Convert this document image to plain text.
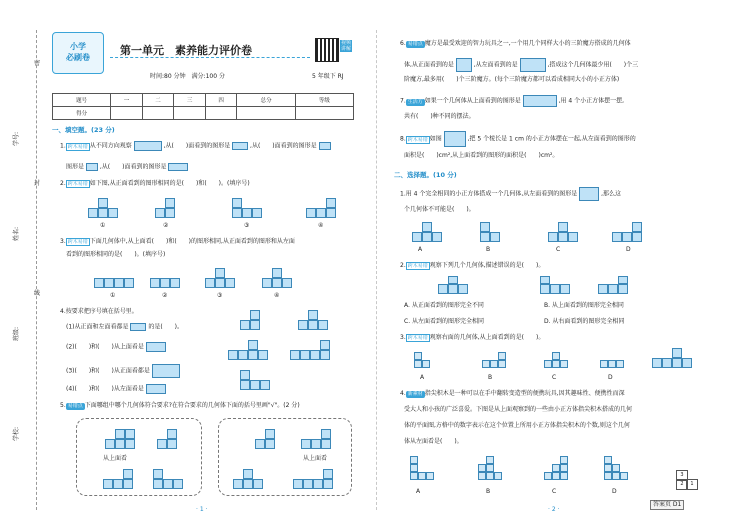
密
学号:
封
姓名:
线
班级:
学校:
小学
必刷卷
第一单元　素养能力评价卷
时间:80 分钟　满分:100 分	5 年级下 RJ
视频讲解
题号	一	二	三	四	总分	等级
得分						
一、填空题。(23 分)
1. 跨木易错 从不同方向观察	,从(　　)面看到的图形是	,从(　　)面看到的图形是
图形是	,从(　　)面看到的图形是
2. 跨木易错 如下图,从正面看到的图形相同的是(　　)和(　　)。(填序号)
①	②	③	④
3. 跨木易错 下面几何体中,从上面看(　　)和(　　)的图形相同,从正面看到的图形和从左面
看到的图形相同的是(　　)。(填序号)
①	②	③	④
4.按要求把序号填在括号里。
(1)从正面和左面看都是	的是(　　)。
(2)(　　)和(　　)从上面看是
(3)(　　)和(　　)从正面看都是
(4)(　　)和(　　)从左面看是
5. 易错点 下面哪组中哪个几何体符合要求?在符合要求的几何体下面的括号里画"√"。(2 分)
从上面看	从上面看
· 1 ·
6. 易错点 魔方是最受欢迎的智力玩具之一,一个用几个同样大小的三阶魔方搭成的几何体
体,从正面看到的是	,从左面看到的是	,搭成这个几何体最少用(　　)个三
阶魔方,最多用(　　)个三阶魔方。(每个三阶魔方都可以看成相同大小的小正方体)
7. 生活方 如果一个几何体从上面看到的图形是	,用 4 个小正方体摆一摆,
共有(　　)种不同的摆法。
8. 跨木易错 如图	,把 5 个棱长是 1 cm 的小正方体摆在一起,从左面看到的图形的
面积是(　　)cm²,从上面看到的图形的面积是(　　)cm²。
二、选择题。(10 分)
1.用 4 个完全相同的小正方体搭成一个几何体,从左面看到的图形是	,那么这
个几何体不可能是(　　)。
A	B	C	D
2. 跨木易错 观察下列几个几何体,描述错误的是(　　)。
A. 从正面看到的图形完全不同	B. 从上面看到的图形完全相同
C. 从左面看到的图形完全相同	D. 从右面看到的图形完全相同
3. 跨木易错 观察右面的几何体,从上面看到的是(　　)。
A	B	C	D
4. 新素材 指尖积木是一种可以在手中翻转变造型的便携玩具,因其趣味性、便携性而深
受大人和小孩的广泛喜爱。下图是从上面观察到的一些由小正方体指尖积木搭成的几何
体的平面图,方格中的数字表示在这个位置上所用小正方体指尖积木的个数,则这个几何
体从左面看是(　　)。
A	B	C	D
3
2	1
· 2 ·
答案页 D1
